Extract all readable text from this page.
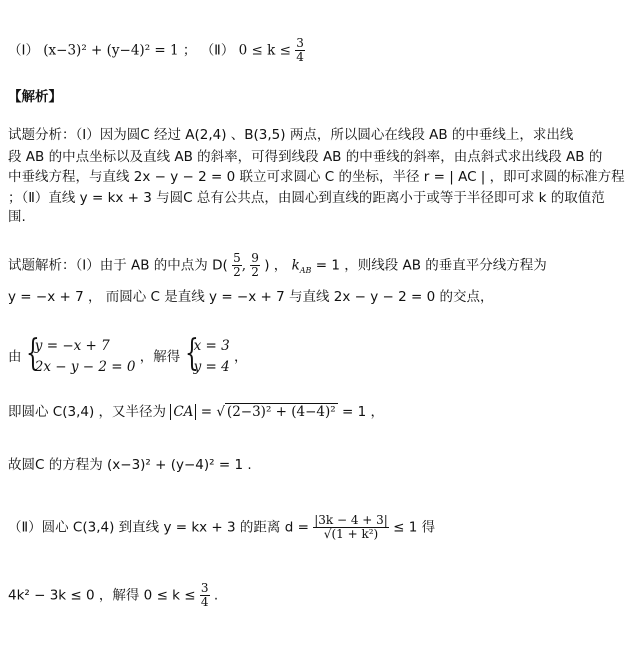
（Ⅰ） (x−3)² + (y−4)² = 1 ； （Ⅱ） $0 \le k \le \frac{3}{4}$
【解析】
试题分析：（Ⅰ）因为圆C 经过 A(2,4) 、B(3,5) 两点，所以圆心在线段 AB 的中垂线上，求出线
段 AB 的中点坐标以及直线 AB 的斜率，可得到线段 AB 的中垂线的斜率，由点斜式求出线段 AB 的
中垂线方程，与直线 2x − y − 2 = 0 联立可求圆心 C 的坐标，半径 r = | AC | ，即可求圆的标准方程
；（Ⅱ）直线 y = kx + 3 与圆C 总有公共点，由圆心到直线的距离小于或等于半径即可求 k 的取值范
围.
试题解析：（Ⅰ）由于 AB 的中点为 $D( \frac{5}{2}$ , $\frac{9}{2}$ ) ， $k_{AB} = 1$ ，则线段 AB 的垂直平分线方程为
y = −x + 7 ， 而圆心 C 是直线 y = −x + 7 与直线 2x − y − 2 = 0 的交点，
由 {
y = −x + 7
2x − y − 2 = 0
，解得 {
x = 3
y = 4
，
即圆心 C(3,4) ，又半径为 CA = √ (2−3)² + (4−4)² = 1 ，
故圆C 的方程为 (x−3)² + (y−4)² = 1 .
（Ⅱ）圆心 C(3,4) 到直线 y = kx + 3 的距离 $d = \frac{|3k - 4 + 3|}{\text{√(1 + k²)}} \le 1$ 得
4k² − 3k ≤ 0 ，解得 $0 \le k \le \frac{3}{4}$ .
